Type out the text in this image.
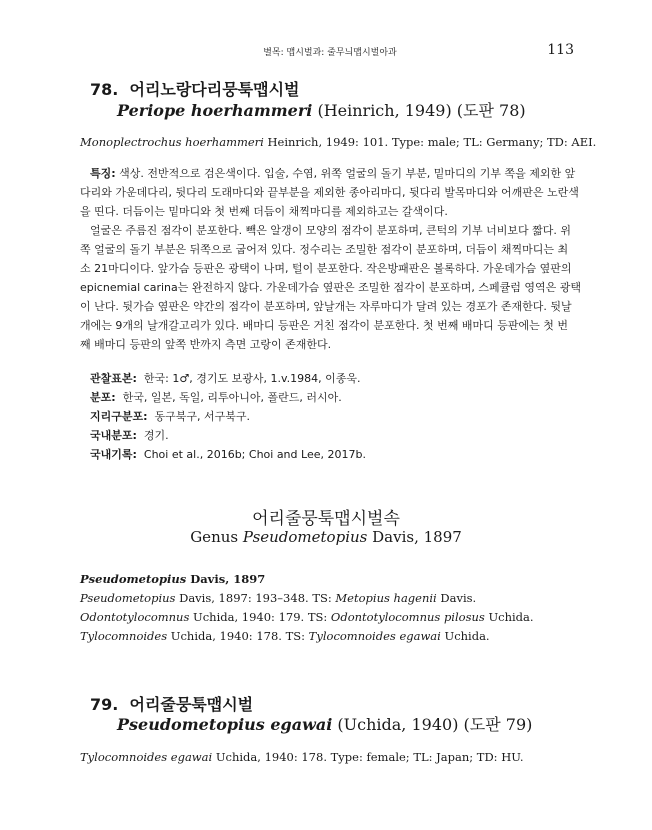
별목: 맵시벌과: 줄무늬맵시벌아과	113
78. 어리노랑다리뭉툭맵시벌
Periope hoerhammeri (Heinrich, 1949) (도판 78)
Monoplectrochus hoerhammeri Heinrich, 1949: 101. Type: male; TL: Germany; TD: AEI.
특징: 색상. 전반적으로 검은색이다. 입술, 수염, 위쪽 얼굴의 돌기 부분, 밑마디의 기부 쪽을 제외한 앞
다리와 가운데다리, 뒷다리 도래마디와 끝부분을 제외한 종아리마디, 뒷다리 발목마디와 어깨판은 노란색
을 띤다. 더듬이는 밑마디와 첫 번째 더듬이 채찍마디를 제외하고는 갈색이다.
얼굴은 주름진 점각이 분포한다. 빽은 알갱이 모양의 점각이 분포하며, 큰턱의 기부 너비보다 짧다. 위
쪽 얼굴의 돌기 부분은 뒤쪽으로 굽어져 있다. 정수리는 조밀한 점각이 분포하며, 더듬이 채찍마디는 최
소 21마디이다. 앞가슴 등판은 광택이 나며, 털이 분포한다. 작은방패판은 볼록하다. 가운데가슴 옆판의
epicnemial carina는 완전하지 않다. 가운데가슴 옆판은 조밀한 점각이 분포하며, 스페큘럼 영역은 광택
이 난다. 뒷가슴 옆판은 약간의 점각이 분포하며, 앞날개는 자루마디가 달려 있는 경포가 존재한다. 뒷날
개에는 9개의 날개갈고리가 있다. 배마디 등판은 거친 점각이 분포한다. 첫 번째 배마디 등판에는 첫 번
째 배마디 등판의 앞쪽 반까지 측면 고랑이 존재한다.
관찰표본: 한국: 1♂, 경기도 보광사, 1.v.1984, 이종욱.
분포: 한국, 일본, 독일, 리투아니아, 폴란드, 러시아.
지리구분포: 동구북구, 서구북구.
국내분포: 경기.
국내기록: Choi et al., 2016b; Choi and Lee, 2017b.
어리줄뭉툭맵시벌속
Genus Pseudometopius Davis, 1897
Pseudometopius Davis, 1897
Pseudometopius Davis, 1897: 193–348. TS: Metopius hagenii Davis.
Odontotylocomnus Uchida, 1940: 179. TS: Odontotylocomnus pilosus Uchida.
Tylocomnoides Uchida, 1940: 178. TS: Tylocomnoides egawai Uchida.
79. 어리줄뭉툭맵시벌
Pseudometopius egawai (Uchida, 1940) (도판 79)
Tylocomnoides egawai Uchida, 1940: 178. Type: female; TL: Japan; TD: HU.
